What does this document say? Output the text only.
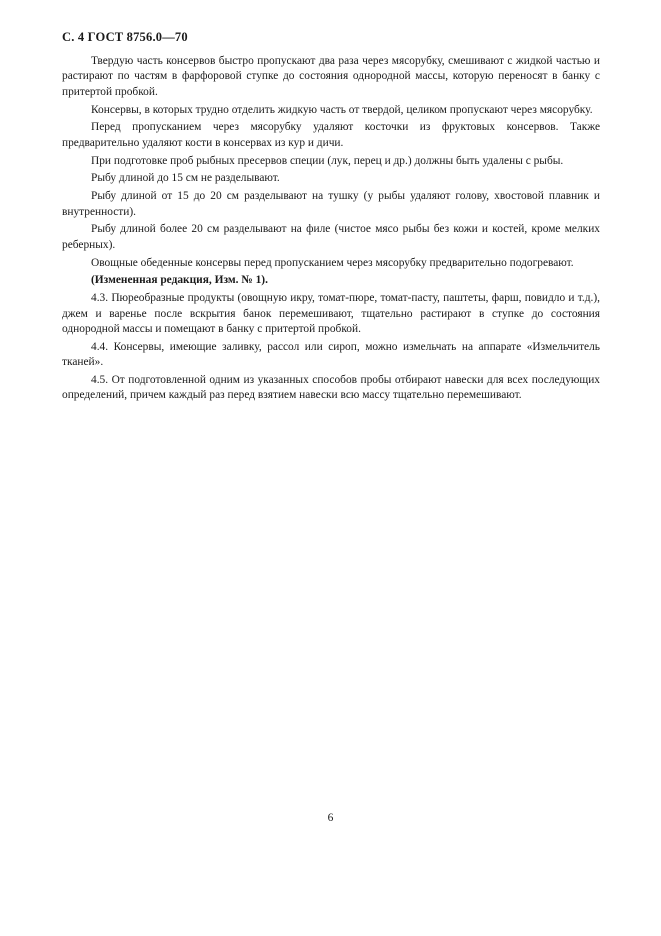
С. 4 ГОСТ 8756.0—70

Твердую часть консервов быстро пропускают два раза через мясорубку, смешивают с жидкой частью и растирают по частям в фарфоровой ступке до состояния однородной массы, которую переносят в банку с притертой пробкой.

Консервы, в которых трудно отделить жидкую часть от твердой, целиком пропускают через мясорубку.

Перед пропусканием через мясорубку удаляют косточки из фруктовых консервов. Также предварительно удаляют кости в консервах из кур и дичи.

При подготовке проб рыбных пресервов специи (лук, перец и др.) должны быть удалены с рыбы.

Рыбу длиной до 15 см не разделывают.

Рыбу длиной от 15 до 20 см разделывают на тушку (у рыбы удаляют голову, хвостовой плавник и внутренности).

Рыбу длиной более 20 см разделывают на филе (чистое мясо рыбы без кожи и костей, кроме мелких реберных).

Овощные обеденные консервы перед пропусканием через мясорубку предварительно подогревают.

(Измененная редакция, Изм. № 1).

4.3. Пюреобразные продукты (овощную икру, томат-пюре, томат-пасту, паштеты, фарш, повидло и т.д.), джем и варенье после вскрытия банок перемешивают, тщательно растирают в ступке до состояния однородной массы и помещают в банку с притертой пробкой.

4.4. Консервы, имеющие заливку, рассол или сироп, можно измельчать на аппарате «Измельчитель тканей».

4.5. От подготовленной одним из указанных способов пробы отбирают навески для всех последующих определений, причем каждый раз перед взятием навески всю массу тщательно перемешивают.

6
